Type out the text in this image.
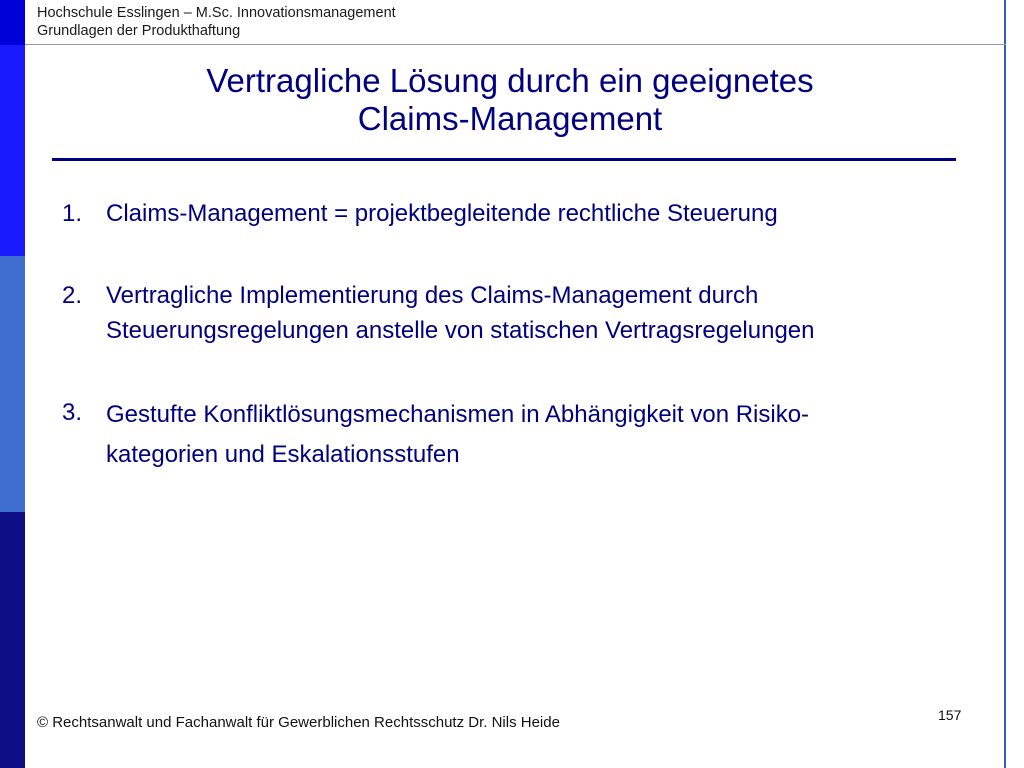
Hochschule Esslingen – M.Sc. Innovationsmanagement
Grundlagen der Produkthaftung
Vertragliche Lösung durch ein geeignetes
Claims-Management
1. Claims-Management = projektbegleitende rechtliche Steuerung
2. Vertragliche Implementierung des Claims-Management durch
Steuerungsregelungen anstelle von statischen Vertragsregelungen
3. Gestufte Konfliktlösungsmechanismen in Abhängigkeit von Risiko-
kategorien und Eskalationsstufen
157
© Rechtsanwalt und Fachanwalt für Gewerblichen Rechtsschutz Dr. Nils Heide
